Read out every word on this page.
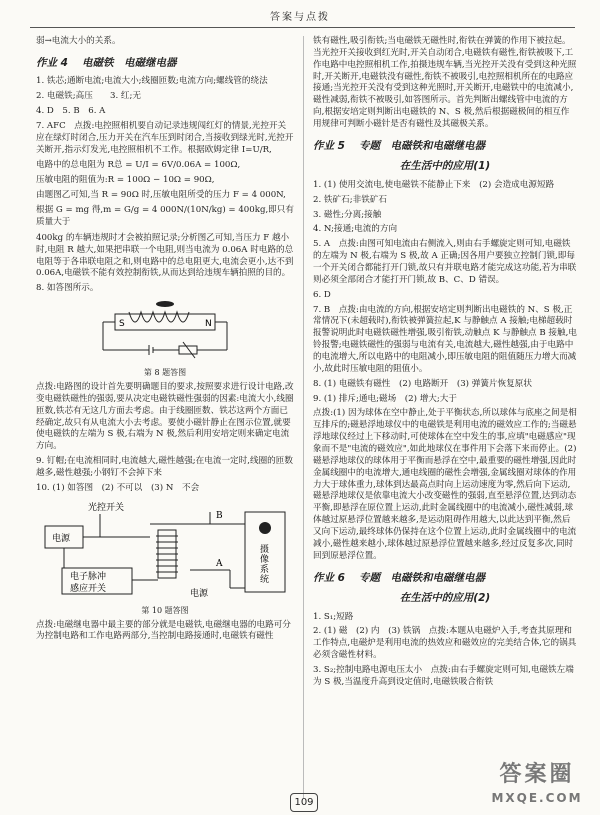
答案与点拨

弱→电流大小的关系。

作业 4 电磁铁　电磁继电器

1. 铁芯;通断电流;电流大小;线圈匝数;电流方向;螺线管的绕法

2. 电磁铁;高压　　3. 红;无

4. D　5. B　6. A

7. AFC　点拨:电控照相机要自动记录违规闯红灯的情景,光控开关应在绿灯时闭合,压力开关在汽车压到时闭合,当接收到绿光时,光控开关断开,指示灯发光,电控照相机不工作。根据欧姆定律 I=U/R,

电路中的总电阻为 R总 = U/I = 6V/0.06A = 100Ω,

压敏电阻的阻值为:R = 100Ω − 10Ω = 90Ω,

由题图乙可知,当 R = 90Ω 时,压敏电阻所受的压力 F = 4 000N,

根据 G = mg 得,m = G/g = 4 000N/(10N/kg) = 400kg,即只有质量大于

400kg 的车辆违规时才会被拍照记录;分析图乙可知,当压力 F 越小时,电阻 R 越大,如果把串联一个电阻,则当电流为 0.06A 时电路的总电阻等于各串联电阻之和,则电路中的总电阻更大,电流会更小,达不到 0.06A,电磁铁不能有效控制衔铁,从而达到给违规车辆拍照的目的。

8. 如答图所示。

S	N

第 8 题答图

点拨:电路图的设计首先要明确题目的要求,按照要求进行设计电路,改变电磁铁磁性的强弱,要从决定电磁铁磁性强弱的因素:电流大小,线圈匝数,铁芯有无这几方面去考虑。由于线圈匝数、铁芯这两个方面已经确定,故只有从电流大小去考虑。要使小磁针静止在图示位置,就要使电磁铁的左端为 S 极,右端为 N 极,然后利用安培定则来确定电流方向。

9. 钉帽;在电流相同时,电流越大,磁性越强;在电流一定时,线圈的匝数越多,磁性越强;小钢钉不会掉下来

10. (1) 如答图　(2) 不可以　(3) N　不会

光控开关
电源
电子脉冲
感应开关
B
A
电源
摄
像
系
统

第 10 题答图

点拨:电磁继电器中最主要的部分就是电磁铁,电磁继电器的电路可分为控制电路和工作电路两部分,当控制电路接通时,电磁铁有磁性

铁有磁性,吸引衔铁;当电磁铁无磁性时,衔铁在弹簧的作用下被拉起。当光控开关接收到红光时,开关自动闭合,电磁铁有磁性,衔铁被吸下,工作电路中电控照相机工作,拍摄违规车辆,当光控开关没有受到这种光照时,开关断开,电磁铁没有磁性,衔铁不被吸引,电控照相机所在的电路应接通;当光控开关没有受到这种光照时,开关断开,电磁铁中的电流减小,磁性减弱,衔铁不被吸引,如答图所示。首先判断出螺线管中电流的方向,根据安培定则判断出电磁铁的 N、S 极,然后根据磁极间的相互作用规律可判断小磁针是否有磁性及其磁极关系。

作业 5 专题　电磁铁和电磁继电器
在生活中的应用(1)

1. (1) 使用交流电,使电磁铁不能静止下来　(2) 会造成电源短路

2. 铁矿石;非铁矿石

3. 磁性;分离;接触

4. N;接通;电流的方向

5. A　点拨:由图可知电流由右侧流入,则由右手螺旋定则可知,电磁铁的左端为 N 极,右端为 S 极,故 A 正确;因各用户要独立控制门锁,即每一个开关闭合都能打开门锁,故只有并联电路才能完成这功能,若为串联则必须全部闭合才能打开门锁,故 B、C、D 错误。

6. D

7. B　点拨:由电流的方向,根据安培定则判断出电磁铁的 N、S 极,正常情况下(未超载时),衔铁被弹簧拉起,K 与静触点 A 接触;电梯超载时报警说明此时电磁铁磁性增强,吸引衔铁,动触点 K 与静触点 B 接触,电铃报警;电磁铁磁性的强弱与电流有关,电流越大,磁性越强,由于电路中的电流增大,所以电路中的电阻减小,即压敏电阻的阻值随压力增大而减小,故此时压敏电阻的阻值小。

8. (1) 电磁铁有磁性　(2) 电路断开　(3) 弹簧片恢复原状

9. (1) 排斥;通电;磁场　(2) 增大;大于

点拨:(1) 因为球体在空中静止,处于平衡状态,所以球体与底座之间是相互排斥的;磁悬浮地球仪中的电磁铁是利用电流的磁效应工作的;当磁悬浮地球仪经过上下移动时,可使球体在空中发生的事,应填"电磁感应"现象而不是"电流的磁效应",如此地球仪在事件用下会落下来而停止。(2) 磁悬浮地球仪的球体用于平衡而悬浮在空中,最重要的磁性增强,因此时金属线圈中的电流增大,通电线圈的磁性会增强,金属线圈对球体的作用力大于球体重力,球体到达最高点时向上运动速度为零,然后向下运动,磁悬浮地球仪是依靠电流大小改变磁性的强弱,直至悬浮位置,达到动态平衡,即悬浮在原位置上运动,此时金属线圈中的电流减小,磁性减弱,球体越过原悬浮位置越来越多,是运动阻碍作用越大,以此达到平衡,然后又向下运动,最终球体仍保持在这个位置上运动,此时金属线圈中的电流减小,磁性越来越小,球体越过原悬浮位置越来越多,经过反复多次,同时回到原悬浮位置。

作业 6 专题　电磁铁和电磁继电器
在生活中的应用(2)

1. S₁;短路

2. (1) 磁　(2) 内　(3) 铁锅　点拨:本题从电磁炉入手,考查其原理和工作特点,电磁炉是利用电流的热效应和磁效应的完美结合体,它的锅具必须含磁性材料。

3. S₂;控制电路电源电压太小　点拨:由右手螺旋定则可知,电磁铁左端为 S 极,当温度升高到设定值时,电磁铁吸合衔铁

109
答案圈
MXQE.COM
